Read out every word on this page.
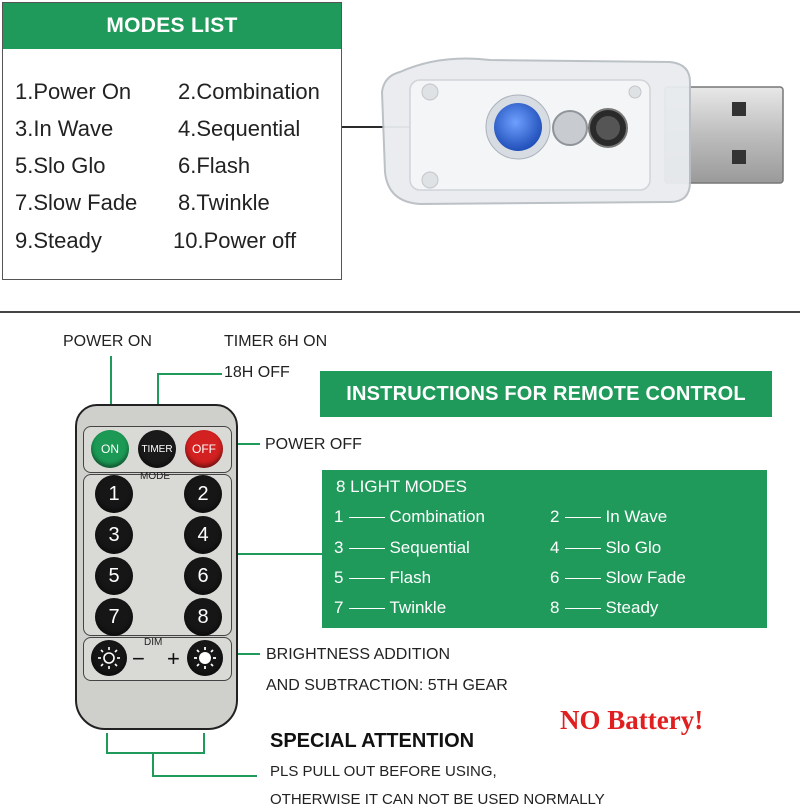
MODES LIST
1.Power On 2.Combination
3.In Wave	4.Sequential
5.Slo Glo	6.Flash
7.Slow Fade 8.Twinkle
9.Steady	10.Power off
POWER ON	TIMER 6H ON
18H OFF
POWER OFF
BRIGHTNESS ADDITION
AND SUBTRACTION: 5TH GEAR
ON	TIMER	OFF
MODE
1	2
3	4
5	6
7	8
DIM
− +
INSTRUCTIONS FOR REMOTE CONTROL
8 LIGHT MODES
1	Combination	2	In Wave
3	Sequential	4	Slo Glo
5	Flash	6	Slow Fade
7	Twinkle	8	Steady
NO Battery!
SPECIAL ATTENTION
PLS PULL OUT BEFORE USING,
OTHERWISE IT CAN NOT BE USED NORMALLY
